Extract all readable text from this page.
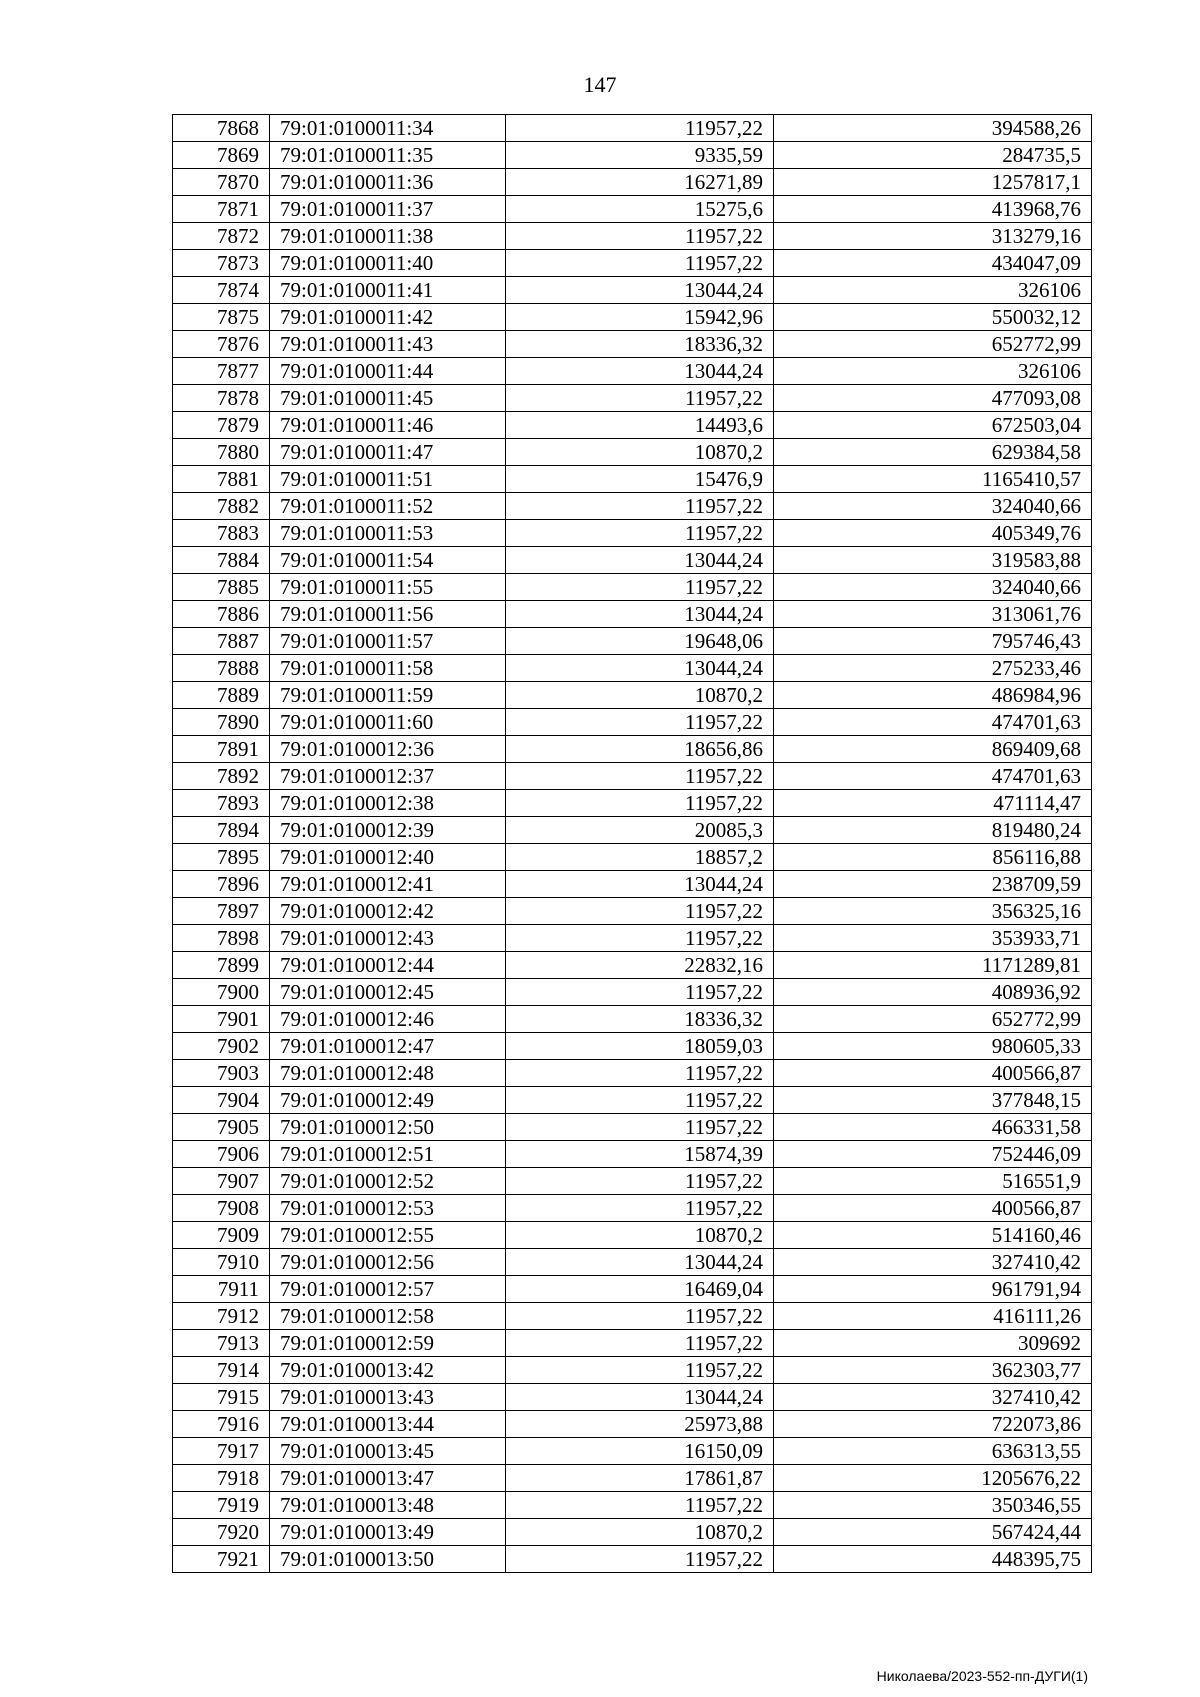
147
7868	79:01:0100011:34	11957,22	394588,26
7869	79:01:0100011:35	9335,59	284735,5
7870	79:01:0100011:36	16271,89	1257817,1
7871	79:01:0100011:37	15275,6	413968,76
7872	79:01:0100011:38	11957,22	313279,16
7873	79:01:0100011:40	11957,22	434047,09
7874	79:01:0100011:41	13044,24	326106
7875	79:01:0100011:42	15942,96	550032,12
7876	79:01:0100011:43	18336,32	652772,99
7877	79:01:0100011:44	13044,24	326106
7878	79:01:0100011:45	11957,22	477093,08
7879	79:01:0100011:46	14493,6	672503,04
7880	79:01:0100011:47	10870,2	629384,58
7881	79:01:0100011:51	15476,9	1165410,57
7882	79:01:0100011:52	11957,22	324040,66
7883	79:01:0100011:53	11957,22	405349,76
7884	79:01:0100011:54	13044,24	319583,88
7885	79:01:0100011:55	11957,22	324040,66
7886	79:01:0100011:56	13044,24	313061,76
7887	79:01:0100011:57	19648,06	795746,43
7888	79:01:0100011:58	13044,24	275233,46
7889	79:01:0100011:59	10870,2	486984,96
7890	79:01:0100011:60	11957,22	474701,63
7891	79:01:0100012:36	18656,86	869409,68
7892	79:01:0100012:37	11957,22	474701,63
7893	79:01:0100012:38	11957,22	471114,47
7894	79:01:0100012:39	20085,3	819480,24
7895	79:01:0100012:40	18857,2	856116,88
7896	79:01:0100012:41	13044,24	238709,59
7897	79:01:0100012:42	11957,22	356325,16
7898	79:01:0100012:43	11957,22	353933,71
7899	79:01:0100012:44	22832,16	1171289,81
7900	79:01:0100012:45	11957,22	408936,92
7901	79:01:0100012:46	18336,32	652772,99
7902	79:01:0100012:47	18059,03	980605,33
7903	79:01:0100012:48	11957,22	400566,87
7904	79:01:0100012:49	11957,22	377848,15
7905	79:01:0100012:50	11957,22	466331,58
7906	79:01:0100012:51	15874,39	752446,09
7907	79:01:0100012:52	11957,22	516551,9
7908	79:01:0100012:53	11957,22	400566,87
7909	79:01:0100012:55	10870,2	514160,46
7910	79:01:0100012:56	13044,24	327410,42
7911	79:01:0100012:57	16469,04	961791,94
7912	79:01:0100012:58	11957,22	416111,26
7913	79:01:0100012:59	11957,22	309692
7914	79:01:0100013:42	11957,22	362303,77
7915	79:01:0100013:43	13044,24	327410,42
7916	79:01:0100013:44	25973,88	722073,86
7917	79:01:0100013:45	16150,09	636313,55
7918	79:01:0100013:47	17861,87	1205676,22
7919	79:01:0100013:48	11957,22	350346,55
7920	79:01:0100013:49	10870,2	567424,44
7921	79:01:0100013:50	11957,22	448395,75
Николаева/2023-552-пп-ДУГИ(1)
